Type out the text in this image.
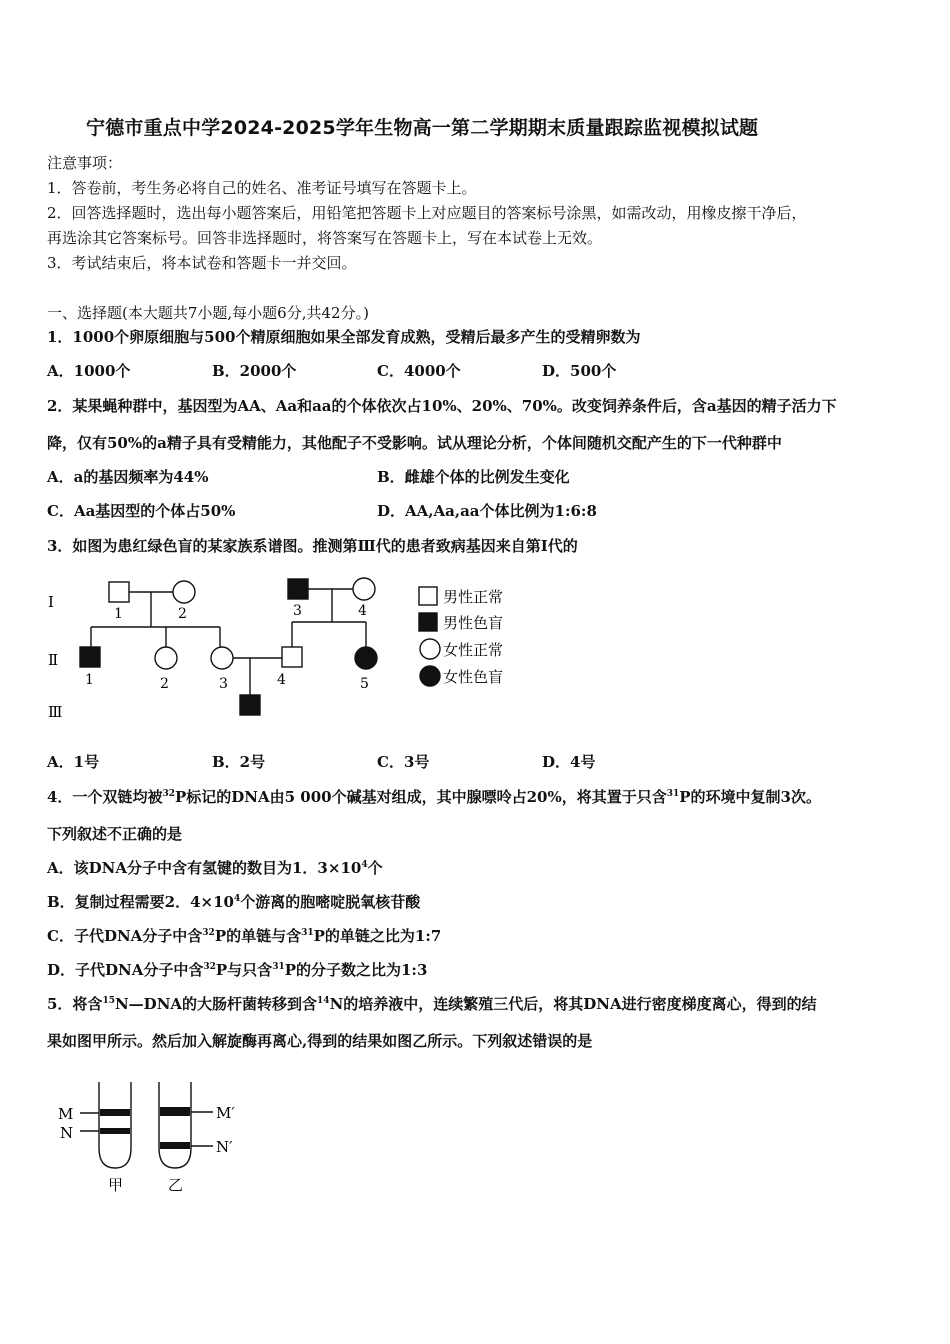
宁德市重点中学2024-2025学年生物高一第二学期期末质量跟踪监视模拟试题
注意事项：
1．答卷前，考生务必将自己的姓名、准考证号填写在答题卡上。
2．回答选择题时，选出每小题答案后，用铅笔把答题卡上对应题目的答案标号涂黑，如需改动，用橡皮擦干净后，
再选涂其它答案标号。回答非选择题时，将答案写在答题卡上，写在本试卷上无效。
3．考试结束后，将本试卷和答题卡一并交回。
一、选择题(本大题共7小题,每小题6分,共42分。)
1．1000个卵原细胞与500个精原细胞如果全部发育成熟，受精后最多产生的受精卵数为
A．1000个	B．2000个	C．4000个	D．500个
2．某果蝇种群中，基因型为AA、Aa和aa的个体依次占10%、20%、70%。改变饲养条件后，含a基因的精子活力下
降，仅有50%的a精子具有受精能力，其他配子不受影响。试从理论分析，个体间随机交配产生的下一代种群中
A．a的基因频率为44%	B．雌雄个体的比例发生变化
C．Aa基因型的个体占50%	D．AA,Aa,aa个体比例为1:6:8
3．如图为患红绿色盲的某家族系谱图。推测第Ⅲ代的患者致病基因来自第Ⅰ代的
Ⅰ
Ⅱ
Ⅲ
1	2	3	4
1	2	3	4	5
男性正常
男性色盲
女性正常
女性色盲
A．1号	B．2号	C．3号	D．4号
4．一个双链均被$^{32}$P标记的DNA由5 000个碱基对组成，其中腺嘌呤占20%，将其置于只含$^{31}$P的环境中复制3次。
下列叙述不正确的是
A．该DNA分子中含有氢键的数目为1．$3\times 10^4$个
B．复制过程需要2．$4\times 10^4$个游离的胞嘧啶脱氧核苷酸
C．子代DNA分子中含$^{32}$P的单链与含$^{31}$P的单链之比为1:7
D．子代DNA分子中含$^{32}$P与只含$^{31}$P的分子数之比为1:3
5．将含$^{15}$N—DNA的大肠杆菌转移到含$^{14}$N的培养液中，连续繁殖三代后，将其DNA进行密度梯度离心，得到的结
果如图甲所示。然后加入解旋酶再离心,得到的结果如图乙所示。下列叙述错误的是
M
N
M′
N′
甲	乙
